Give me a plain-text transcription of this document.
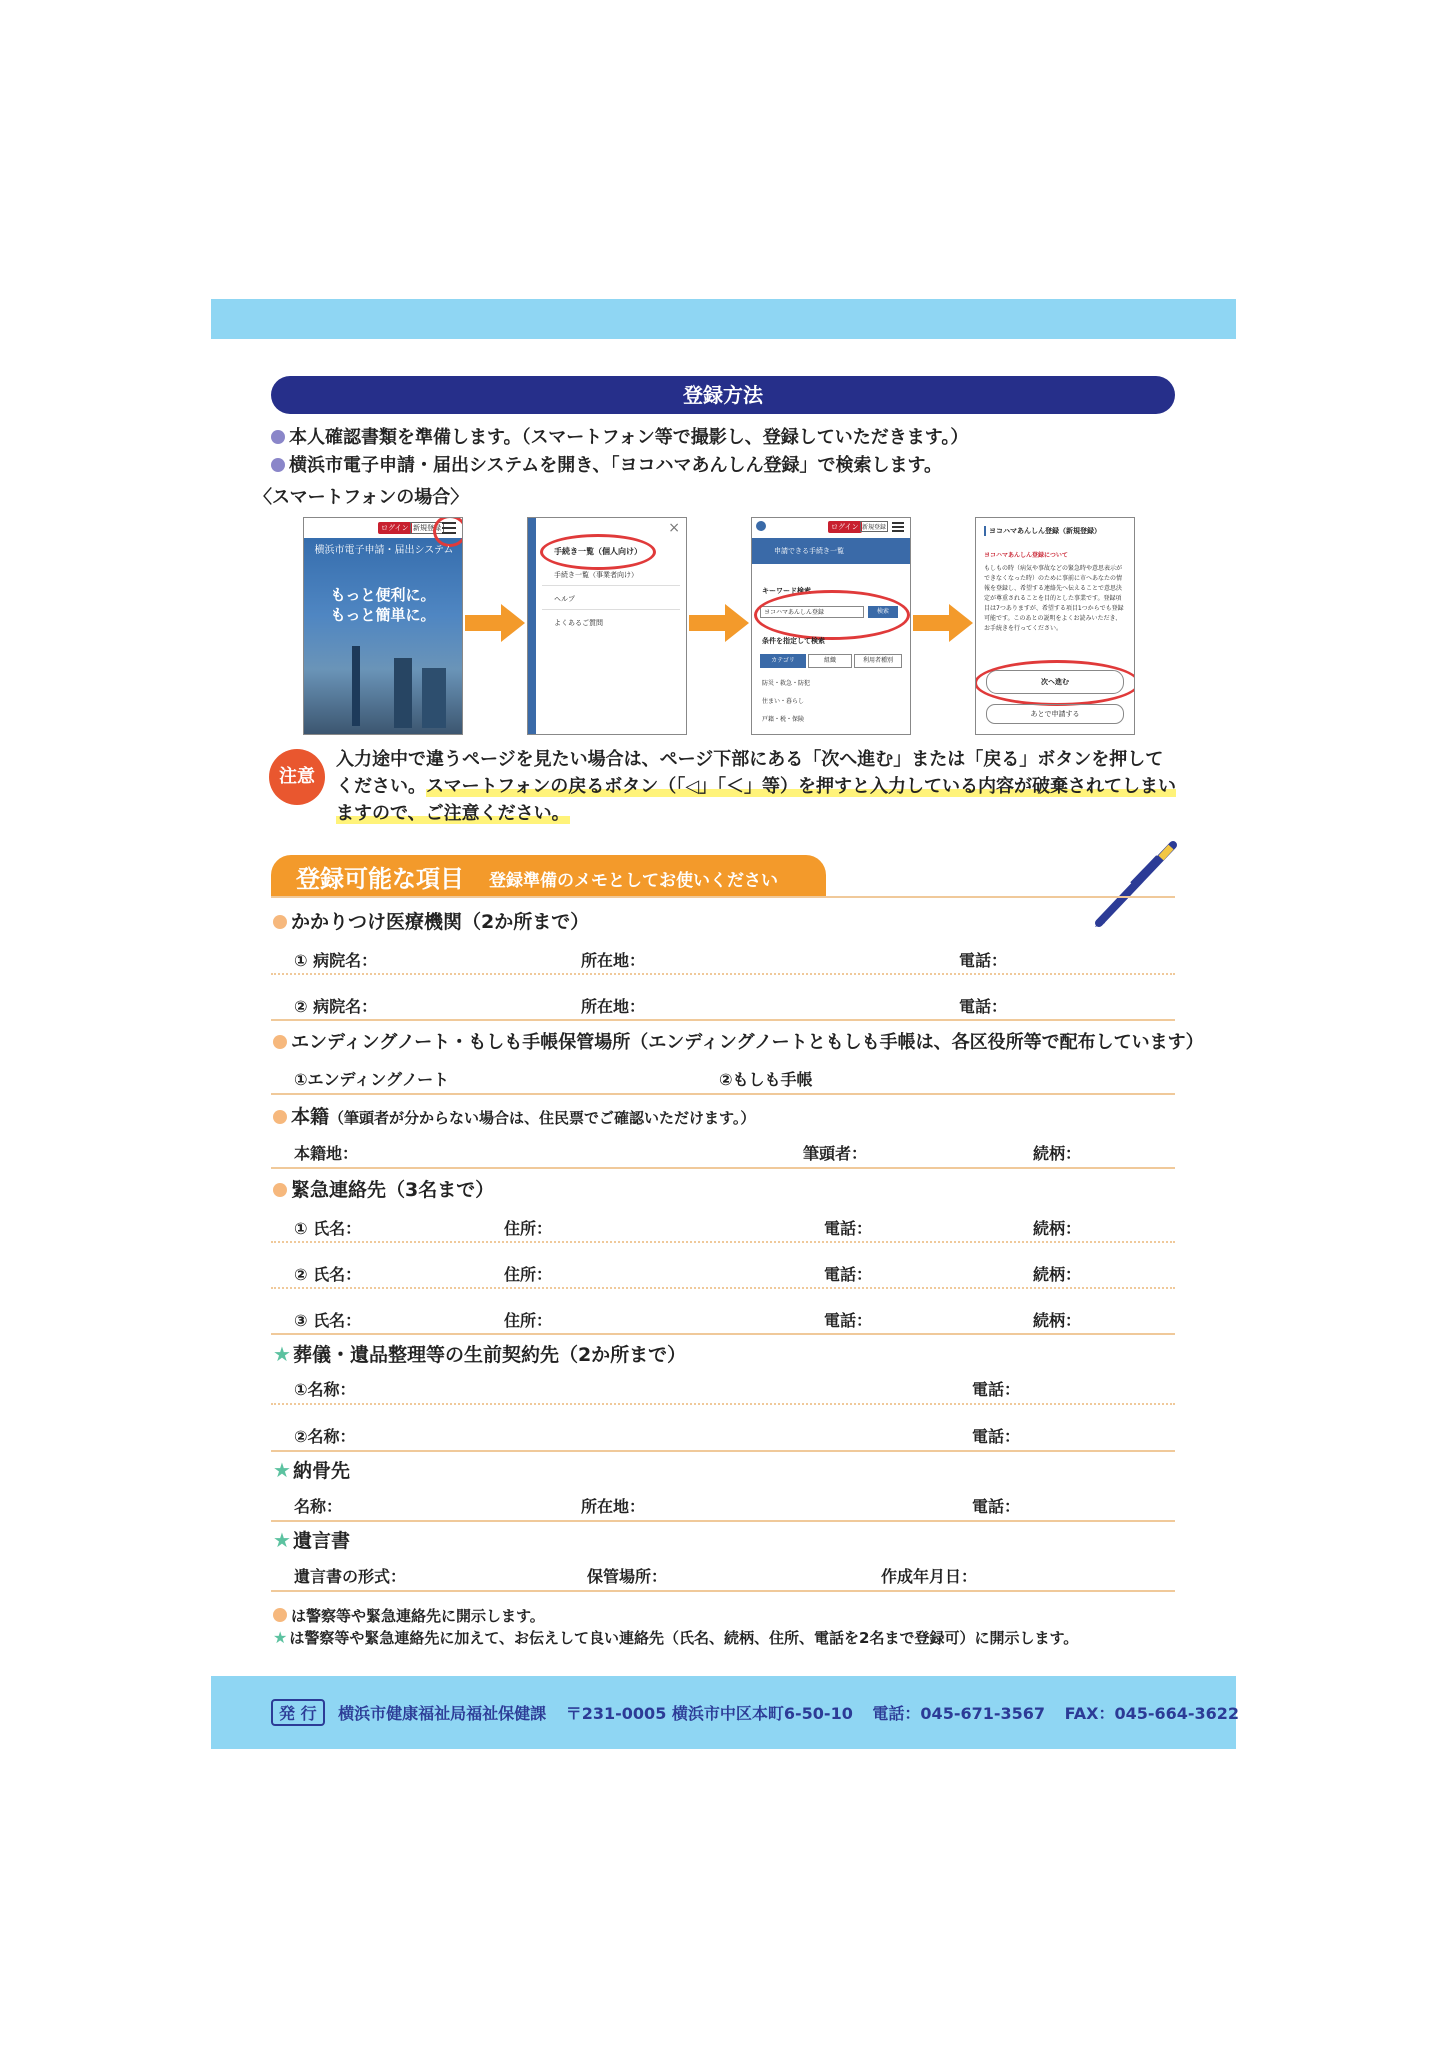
登録方法
本人確認書類を準備します。（スマートフォン等で撮影し、登録していただきます。）
横浜市電子申請・届出システムを開き、「ヨコハマあんしん登録」で検索します。
〈スマートフォンの場合〉
ログイン 新規登録
横浜市電子申請・届出システム
もっと便利に。
もっと簡単に。
×
手続き一覧（個人向け）
手続き一覧（事業者向け）
ヘルプ
よくあるご質問
ログイン 新規登録
申請できる手続き一覧
キーワード検索
ヨコハマあんしん登録	検索
条件を指定して検索
カテゴリ	組織	利用者種別
防災・救急・防犯
住まい・暮らし
戸籍・税・保険
ヨコハマあんしん登録（新規登録）
ヨコハマあんしん登録について
もしもの時（病気や事故などの緊急時や意思表示ができなくなった時）のために事前に市へあなたの情報を登録し、希望する連絡先へ伝えることで意思決定が尊重されることを目的とした事業です。登録項目は7つありますが、希望する項目1つからでも登録可能です。このあとの説明をよくお読みいただき、お手続きを行ってください。
次へ進む
あとで申請する
注意
入力途中で違うページを見たい場合は、ページ下部にある「次へ進む」または「戻る」ボタンを押してください。スマートフォンの戻るボタン（「◁」「＜」等）を押すと入力している内容が破棄されてしまいますので、ご注意ください。
登録可能な項目 登録準備のメモとしてお使いください
かかりつけ医療機関（2か所まで）
① 病院名：	所在地：	電話：
② 病院名：	所在地：	電話：
エンディングノート・もしも手帳保管場所（エンディングノートともしも手帳は、各区役所等で配布しています）
①エンディングノート	②もしも手帳
本籍（筆頭者が分からない場合は、住民票でご確認いただけます。）
本籍地：	筆頭者：	続柄：
緊急連絡先（3名まで）
① 氏名：	住所：	電話：	続柄：
② 氏名：	住所：	電話：	続柄：
③ 氏名：	住所：	電話：	続柄：
★ 葬儀・遺品整理等の生前契約先（2か所まで）
①名称：	電話：
②名称：	電話：
★ 納骨先
名称：	所在地：	電話：
★ 遺言書
遺言書の形式：	保管場所：	作成年月日：
は警察等や緊急連絡先に開示します。
★ は警察等や緊急連絡先に加えて、お伝えして良い連絡先（氏名、続柄、住所、電話を2名まで登録可）に開示します。
発 行 横浜市健康福祉局福祉保健課 〒231-0005 横浜市中区本町6-50-10 電話：045-671-3567 FAX：045-664-3622
